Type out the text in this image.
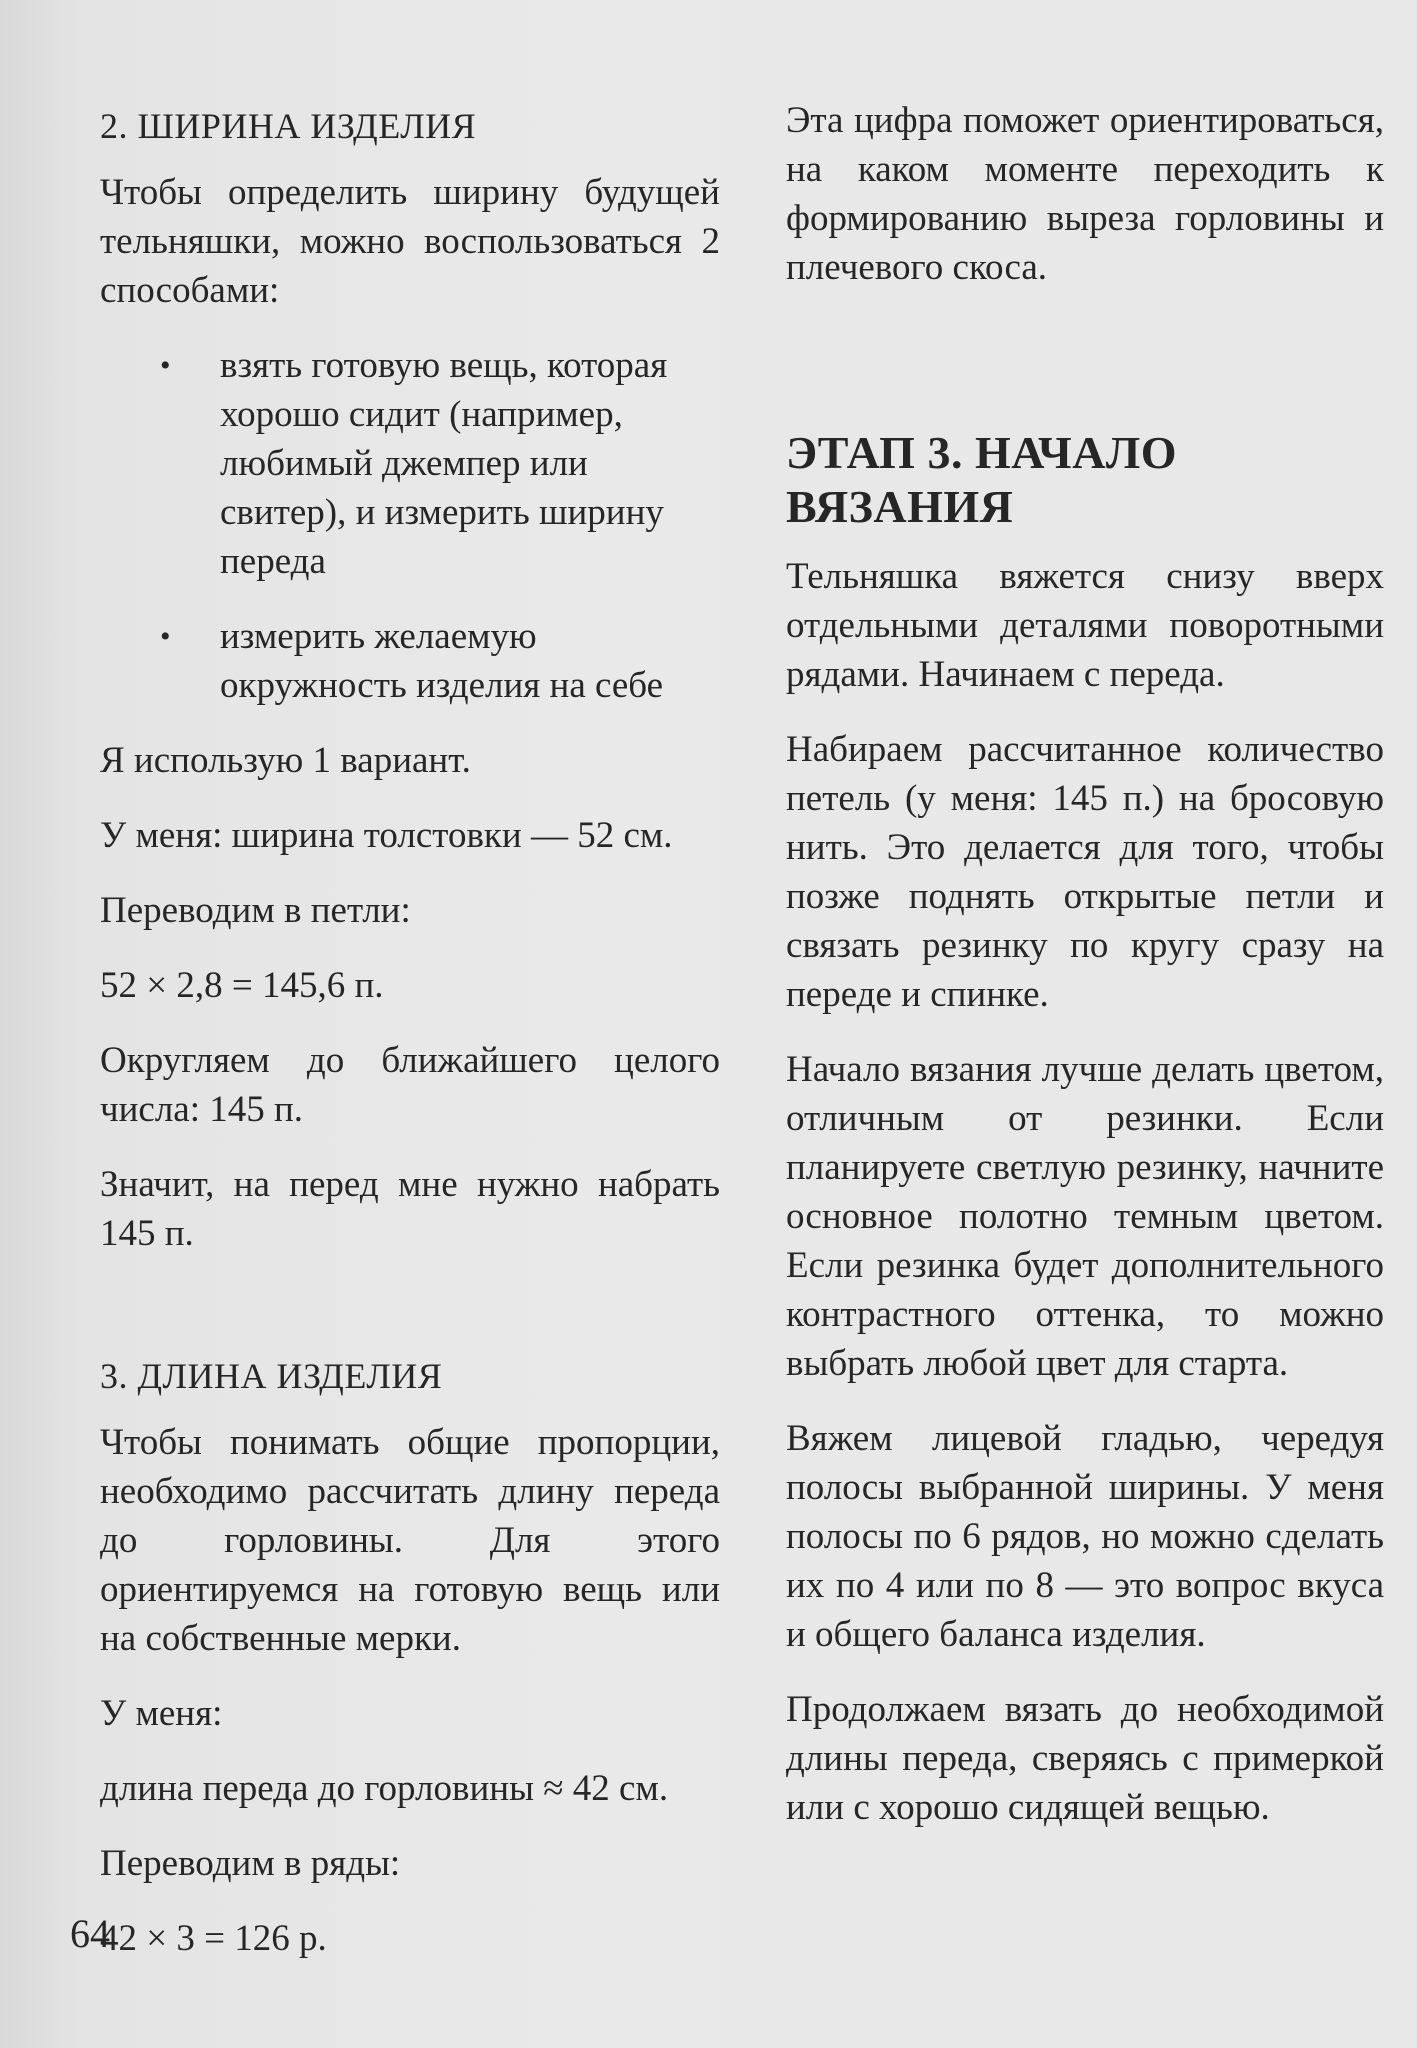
2. ШИРИНА ИЗДЕЛИЯ

Чтобы определить ширину будущей тельняшки, можно воспользоваться 2 способами:

• взять готовую вещь, которая хорошо сидит (например, любимый джемпер или свитер), и измерить ширину переда
• измерить желаемую окружность изделия на себе

Я использую 1 вариант.

У меня: ширина толстовки — 52 см.

Переводим в петли:

52 × 2,8 = 145,6 п.

Округляем до ближайшего целого числа: 145 п.

Значит, на перед мне нужно набрать 145 п.

3. ДЛИНА ИЗДЕЛИЯ

Чтобы понимать общие пропорции, необходимо рассчитать длину переда до горловины. Для этого ориентируемся на готовую вещь или на собственные мерки.

У меня:

длина переда до горловины ≈ 42 см.

Переводим в ряды:

42 × 3 = 126 р.

Эта цифра поможет ориентироваться, на каком моменте переходить к формированию выреза горловины и плечевого скоса.

ЭТАП 3. НАЧАЛО ВЯЗАНИЯ

Тельняшка вяжется снизу вверх отдельными деталями поворотными рядами. Начинаем с переда.

Набираем рассчитанное количество петель (у меня: 145 п.) на бросовую нить. Это делается для того, чтобы позже поднять открытые петли и связать резинку по кругу сразу на переде и спинке.

Начало вязания лучше делать цветом, отличным от резинки. Если планируете светлую резинку, начните основное полотно темным цветом. Если резинка будет дополнительного контрастного оттенка, то можно выбрать любой цвет для старта.

Вяжем лицевой гладью, чередуя полосы выбранной ширины. У меня полосы по 6 рядов, но можно сделать их по 4 или по 8 — это вопрос вкуса и общего баланса изделия.

Продолжаем вязать до необходимой длины переда, сверяясь с примеркой или с хорошо сидящей вещью.

64
